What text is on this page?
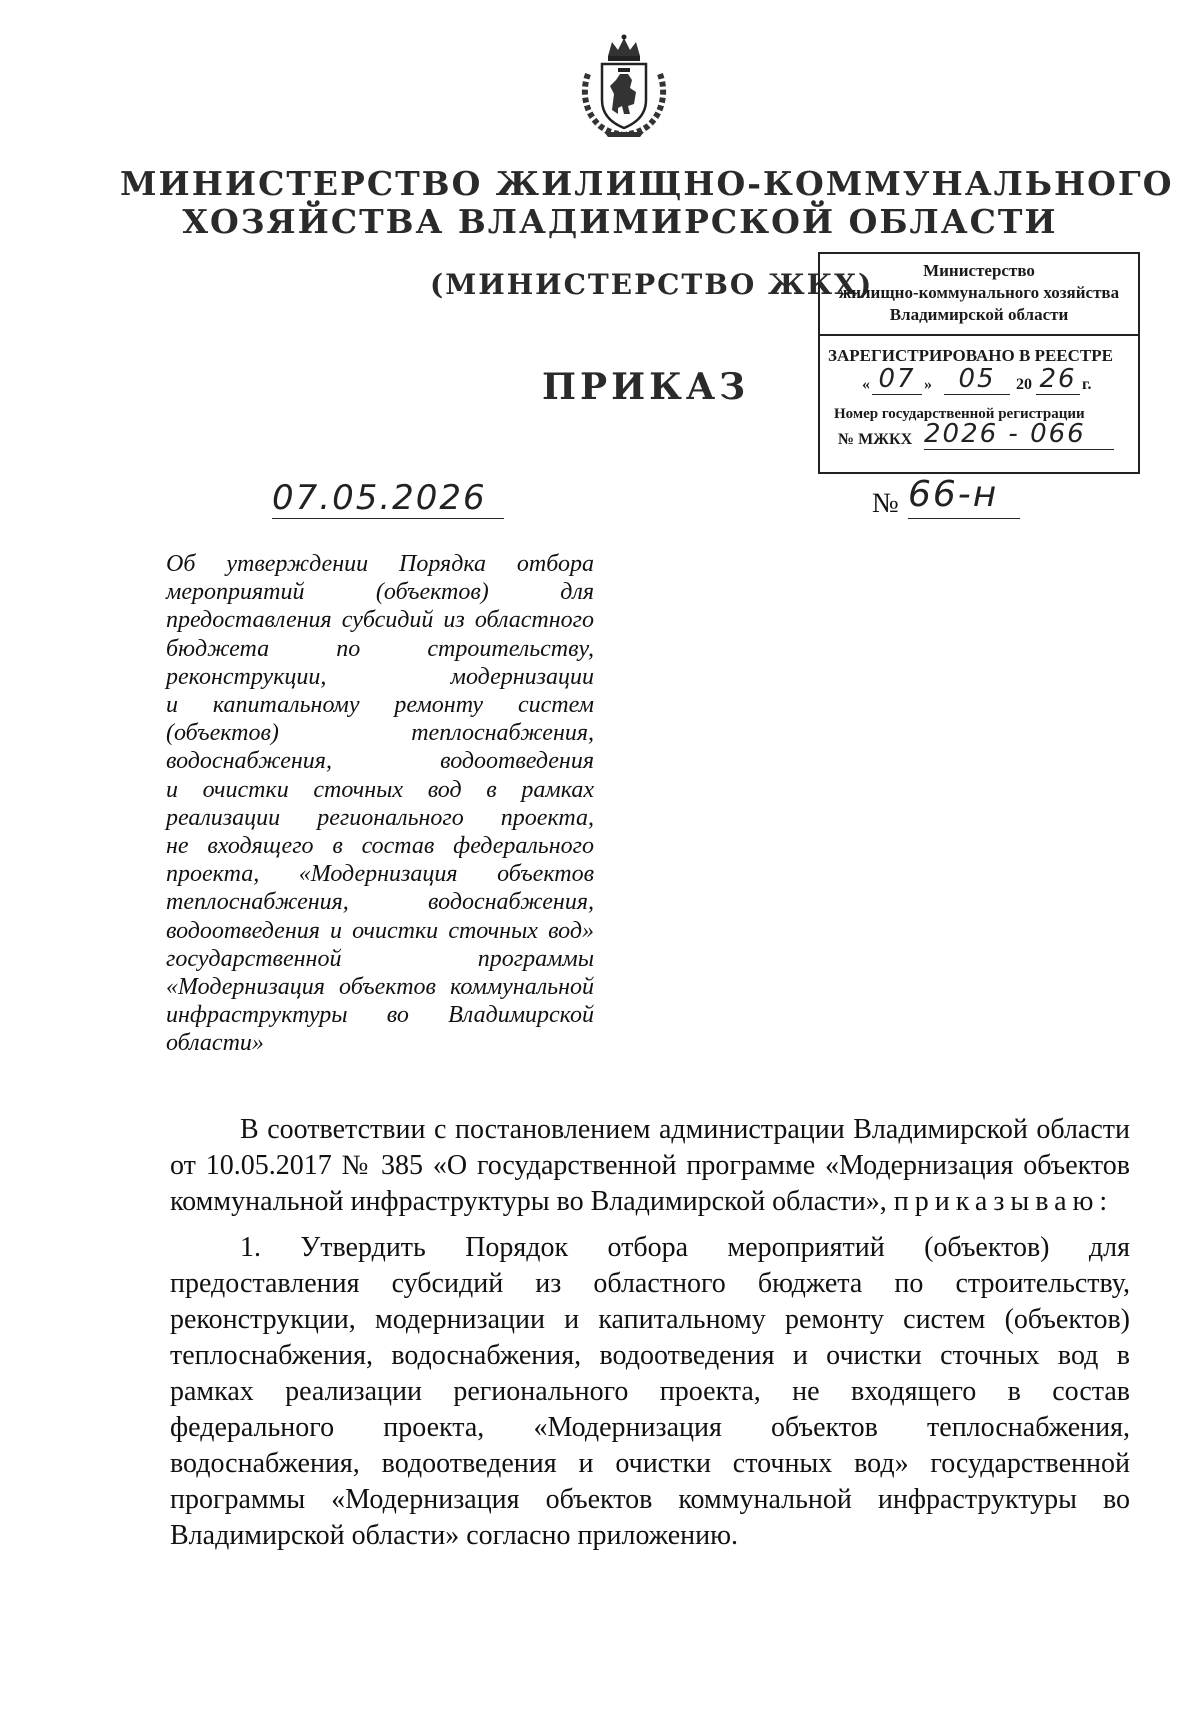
МИНИСТЕРСТВО ЖИЛИЩНО-КОММУНАЛЬНОГО
ХОЗЯЙСТВА ВЛАДИМИРСКОЙ ОБЛАСТИ
(МИНИСТЕРСТВО ЖКХ)
ПРИКАЗ
Министерство
жилищно-коммунального хозяйства
Владимирской области
ЗАРЕГИСТРИРОВАНО В РЕЕСТРЕ
« 07 »	05	20 26 г.
Номер государственной регистрации
№ МЖКХ 2026 - 066
07.05.2026	№ 66-н
Об утверждении Порядка отбора
мероприятий (объектов) для
предоставления субсидий из областного
бюджета по строительству,
реконструкции, модернизации
и капитальному ремонту систем
(объектов) теплоснабжения,
водоснабжения, водоотведения
и очистки сточных вод в рамках
реализации регионального проекта,
не входящего в состав федерального
проекта, «Модернизация объектов
теплоснабжения, водоснабжения,
водоотведения и очистки сточных вод»
государственной программы
«Модернизация объектов коммунальной
инфраструктуры во Владимирской
области»

В соответствии с постановлением администрации Владимирской области от 10.05.2017 № 385 «О государственной программе «Модернизация объектов коммунальной инфраструктуры во Владимирской области», приказываю:

1. Утвердить Порядок отбора мероприятий (объектов) для предоставления субсидий из областного бюджета по строительству, реконструкции, модернизации и капитальному ремонту систем (объектов) теплоснабжения, водоснабжения, водоотведения и очистки сточных вод в рамках реализации регионального проекта, не входящего в состав федерального проекта, «Модернизация объектов теплоснабжения, водоснабжения, водоотведения и очистки сточных вод» государственной программы «Модернизация объектов коммунальной инфраструктуры во Владимирской области» согласно приложению.
